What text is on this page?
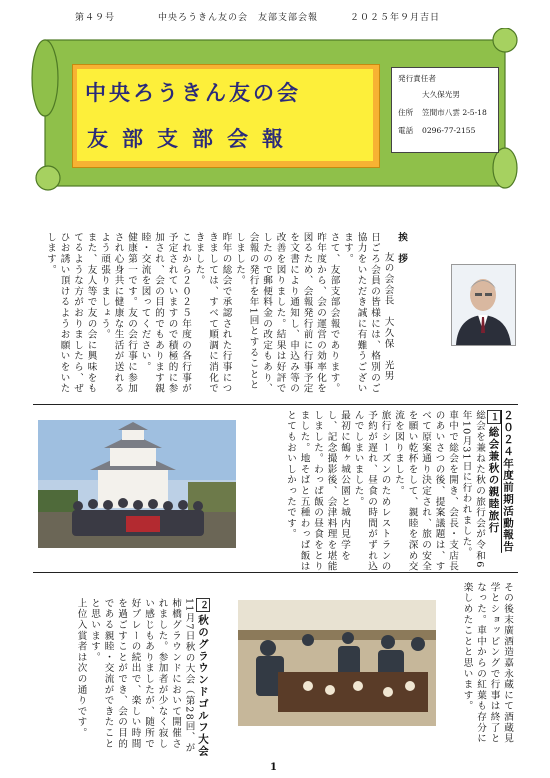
第４９号	中央ろうきん友の会　友部支部会報	２０２５年９月吉日
中央ろうきん友の会
友部支部会報
発行責任者
大久保光男
住所 笠間市八雲 2-5-18
電話 0296-77-2155

挨　拶

友の会会長　大久保　光男

日ごろ会員の皆様には、格別のご協力をいただき誠に有難うございます。

さて、友部支部会報であります。昨年度から、会の運営の効率化を図るため、会報発行前に行事予定を文書により通知し、申込み等の改善を図りました。結果は好評でしたので郵便料金の改定もあり、会報の発行を年1回とすることとしました。

昨年の総会で承認された行事につきましては、すべて順調に消化できました。

これから２０２５年度の各行事が予定されていますので積極的に参加され、会の目的でもあります親睦・交流を図ってください。

健康第一です。友の会行事に参加され心身共に健康な生活が送れるよう頑張りましょう。

また、友人等で友の会に興味をもてるような方がおりましたら、ぜひお誘い頂けるようお願いをいたします。

２０２４年度前期活動報告

１総会兼秋の親睦旅行

総会を兼ねた秋の旅行会が令和6年10月31日に行われました。

車中で総会を開き、会長・支店長のあいさつの後、提案議題は、すべて原案通り決定され、旅の安全を願い乾杯をして、親睦を深め交流を図りました。

旅行シーズンのためレストランの予約が遅れ、昼食の時間がずれ込んでしまいました。

最初に鶴ヶ城公園と城内見学をし、記念撮影後、会津料理を堪能しました。わっぱ飯の昼食をとりました。地そばと五種わっぱ飯はとてもおいしかったです。

その後末廣酒造嘉永蔵にて酒蔵見学とショッピングで行事は終了となった。車中からの紅葉も存分に楽しめたことと思います。

２秋のグラウンドゴルフ大会

11月7日秋の大会（第28回、が柿橋グラウンドにおいて開催されました。参加者が少なく寂しい感じもありましたが、随所で好プレーの続出で、楽しい時間を過ごすことができ、会の目的である親睦・交流ができたことと思います。

上位入賞者は次の通りです。

1
